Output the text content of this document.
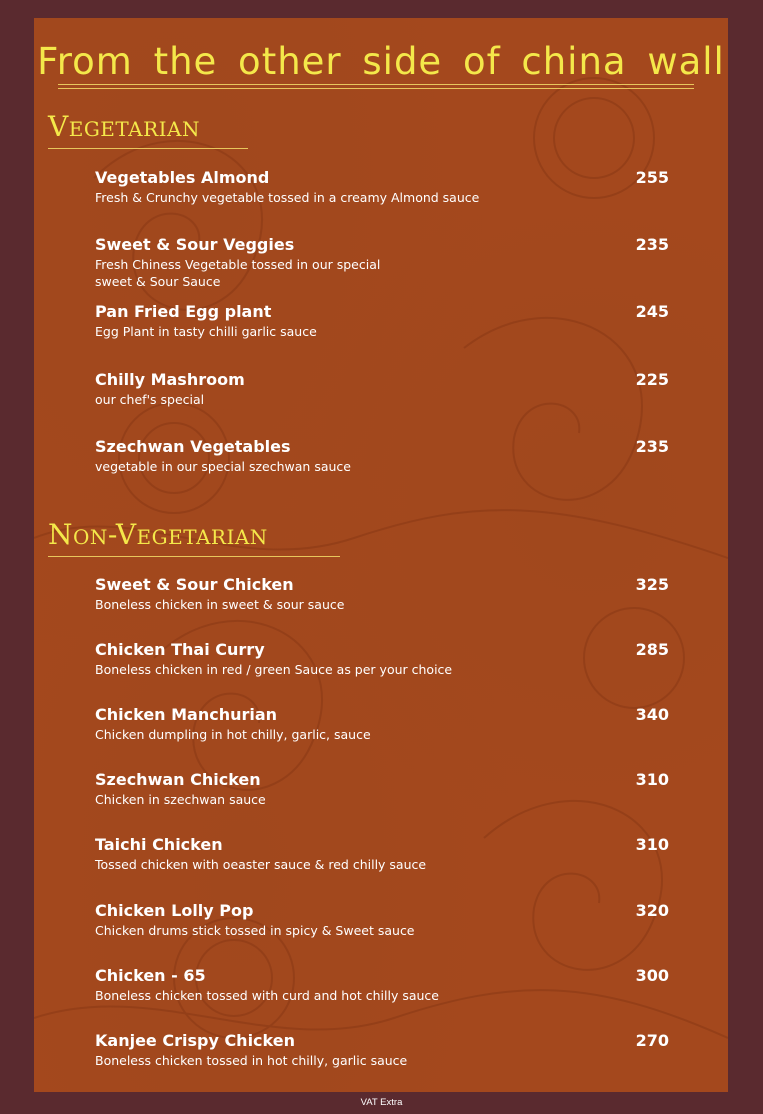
From the other side of china wall
Vegetarian
Vegetables Almond	255
Fresh & Crunchy vegetable tossed in a creamy Almond sauce
Sweet & Sour Veggies	235
Fresh Chiness Vegetable tossed in our special
sweet & Sour Sauce
Pan Fried Egg plant	245
Egg Plant in tasty chilli garlic sauce
Chilly Mashroom	225
our chef's special
Szechwan Vegetables	235
vegetable in our special szechwan sauce
Non-Vegetarian
Sweet & Sour Chicken	325
Boneless chicken in sweet & sour sauce
Chicken Thai Curry	285
Boneless chicken in red / green Sauce as per your choice
Chicken Manchurian	340
Chicken dumpling in hot chilly, garlic, sauce
Szechwan Chicken	310
Chicken in szechwan sauce
Taichi Chicken	310
Tossed chicken with oeaster sauce & red chilly sauce
Chicken Lolly Pop	320
Chicken drums stick tossed in spicy & Sweet sauce
Chicken - 65	300
Boneless chicken tossed with curd and hot chilly sauce
Kanjee Crispy Chicken	270
Boneless chicken tossed in hot chilly, garlic sauce

VAT Extra
